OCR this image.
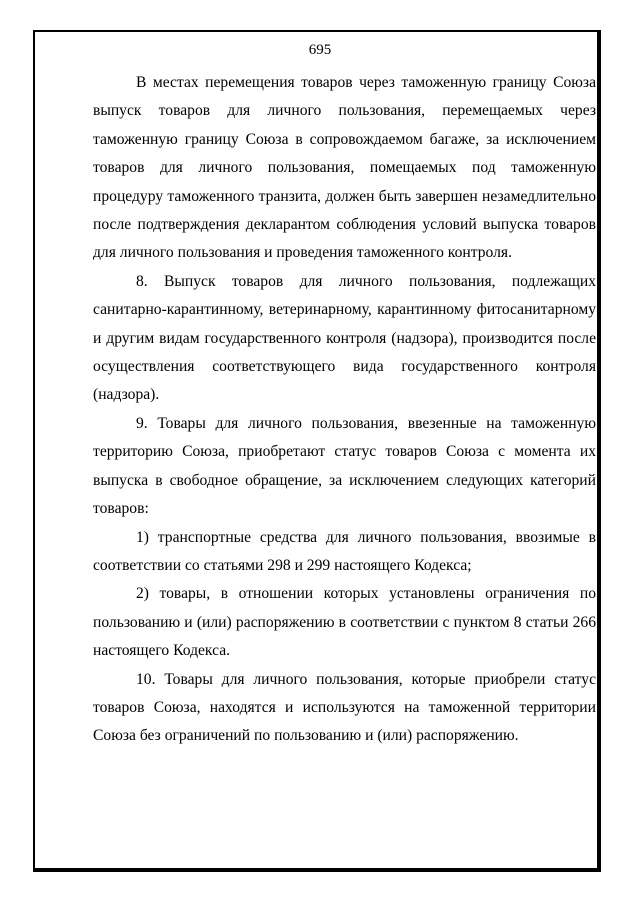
695

В местах перемещения товаров через таможенную границу Союза выпуск товаров для личного пользования, перемещаемых через таможенную границу Союза в сопровождаемом багаже, за исключением товаров для личного пользования, помещаемых под таможенную процедуру таможенного транзита, должен быть завершен незамедлительно после подтверждения декларантом соблюдения условий выпуска товаров для личного пользования и проведения таможенного контроля.

8. Выпуск товаров для личного пользования, подлежащих санитарно-карантинному, ветеринарному, карантинному фитосанитарному и другим видам государственного контроля (надзора), производится после осуществления соответствующего вида государственного контроля (надзора).

9. Товары для личного пользования, ввезенные на таможенную территорию Союза, приобретают статус товаров Союза с момента их выпуска в свободное обращение, за исключением следующих категорий товаров:

1) транспортные средства для личного пользования, ввозимые в соответствии со статьями 298 и 299 настоящего Кодекса;

2) товары, в отношении которых установлены ограничения по пользованию и (или) распоряжению в соответствии с пунктом 8 статьи 266 настоящего Кодекса.

10. Товары для личного пользования, которые приобрели статус товаров Союза, находятся и используются на таможенной территории Союза без ограничений по пользованию и (или) распоряжению.
